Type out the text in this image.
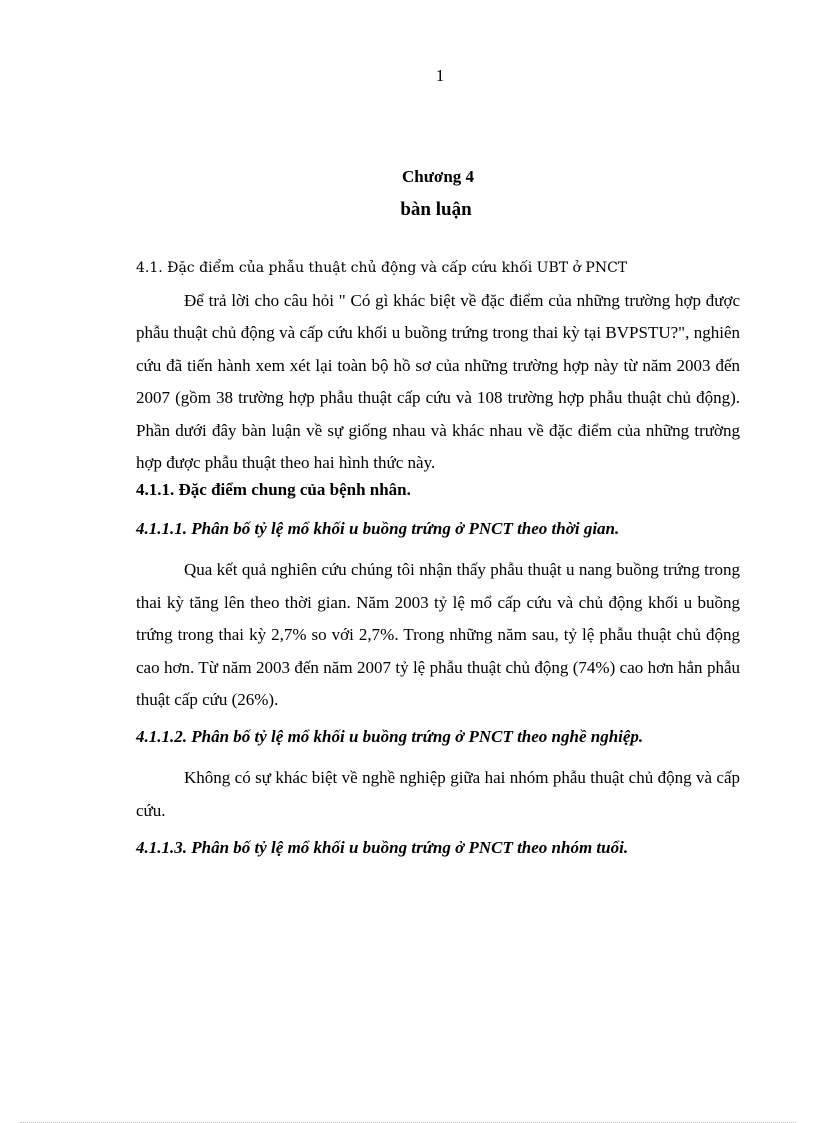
1
Chương 4
bàn luận

4.1. Đặc điểm của phẫu thuật chủ động và cấp cứu khối UBT ở PNCT

Để trả lời cho câu hỏi " Có gì khác biệt về đặc điểm của những trường hợp được phẫu thuật chủ động và cấp cứu khối u buồng trứng trong thai kỳ tại BVPSTU?", nghiên cứu đã tiến hành xem xét lại toàn bộ hồ sơ của những trường hợp này từ năm 2003 đến 2007 (gồm 38 trường hợp phẫu thuật cấp cứu và 108 trường hợp phẫu thuật chủ động). Phần dưới đây bàn luận về sự giống nhau và khác nhau về đặc điểm của những trường hợp được phẫu thuật theo hai hình thức này.

4.1.1. Đặc điểm chung của bệnh nhân.

4.1.1.1. Phân bố tỷ lệ mổ khối u buồng trứng ở PNCT theo thời gian.

Qua kết quả nghiên cứu chúng tôi nhận thấy phẫu thuật u nang buồng trứng trong thai kỳ tăng lên theo thời gian. Năm 2003 tỷ lệ mổ cấp cứu và chủ động khối u buồng trứng trong thai kỳ 2,7% so với 2,7%. Trong những năm sau, tỷ lệ phẫu thuật chủ động cao hơn. Từ năm 2003 đến năm 2007 tỷ lệ phẫu thuật chủ động (74%) cao hơn hẳn phẫu thuật cấp cứu (26%).

4.1.1.2. Phân bố tỷ lệ mổ khối u buồng trứng ở PNCT theo nghề nghiệp.

Không có sự khác biệt về nghề nghiệp giữa hai nhóm phẫu thuật chủ động và cấp cứu.

4.1.1.3. Phân bố tỷ lệ mổ khối u buồng trứng ở PNCT theo nhóm tuổi.
